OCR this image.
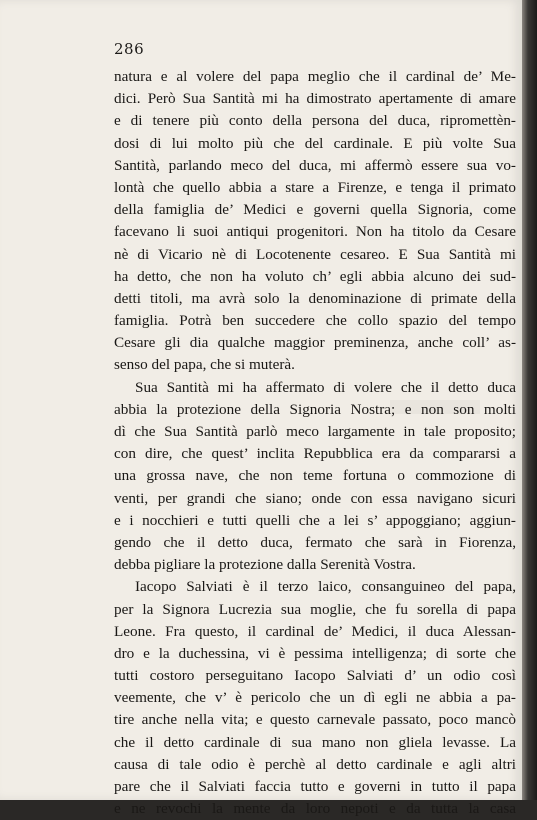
286
natura e al volere del papa meglio che il cardinal de’ Me-
dici. Però Sua Santità mi ha dimostrato apertamente di amare
e di tenere più conto della persona del duca, ripromettèn-
dosi di lui molto più che del cardinale. E più volte Sua
Santità, parlando meco del duca, mi affermò essere sua vo-
lontà che quello abbia a stare a Firenze, e tenga il primato
della famiglia de’ Medici e governi quella Signoria, come
facevano li suoi antiqui progenitori. Non ha titolo da Cesare
nè di Vicario nè di Locotenente cesareo. E Sua Santità mi
ha detto, che non ha voluto ch’ egli abbia alcuno dei sud-
detti titoli, ma avrà solo la denominazione di primate della
famiglia. Potrà ben succedere che collo spazio del tempo
Cesare gli dia qualche maggior preminenza, anche coll’ as-
senso del papa, che si muterà.
Sua Santità mi ha affermato di volere che il detto duca
abbia la protezione della Signoria Nostra; e non son molti
dì che Sua Santità parlò meco largamente in tale proposito;
con dire, che quest’ inclita Repubblica era da compararsi a
una grossa nave, che non teme fortuna o commozione di
venti, per grandi che siano; onde con essa navigano sicuri
e i nocchieri e tutti quelli che a lei s’ appoggiano; aggiun-
gendo che il detto duca, fermato che sarà in Fiorenza,
debba pigliare la protezione dalla Serenità Vostra.
Iacopo Salviati è il terzo laico, consanguineo del papa,
per la Signora Lucrezia sua moglie, che fu sorella di papa
Leone. Fra questo, il cardinal de’ Medici, il duca Alessan-
dro e la duchessina, vi è pessima intelligenza; di sorte che
tutti costoro perseguitano Iacopo Salviati d’ un odio così
veemente, che v’ è pericolo che un dì egli ne abbia a pa-
tire anche nella vita; e questo carnevale passato, poco mancò
che il detto cardinale di sua mano non gliela levasse. La
causa di tale odio è perchè al detto cardinale e agli altri
pare che il Salviati faccia tutto e governi in tutto il papa
e ne revochi la mente da loro nepoti e da tutta la casa
